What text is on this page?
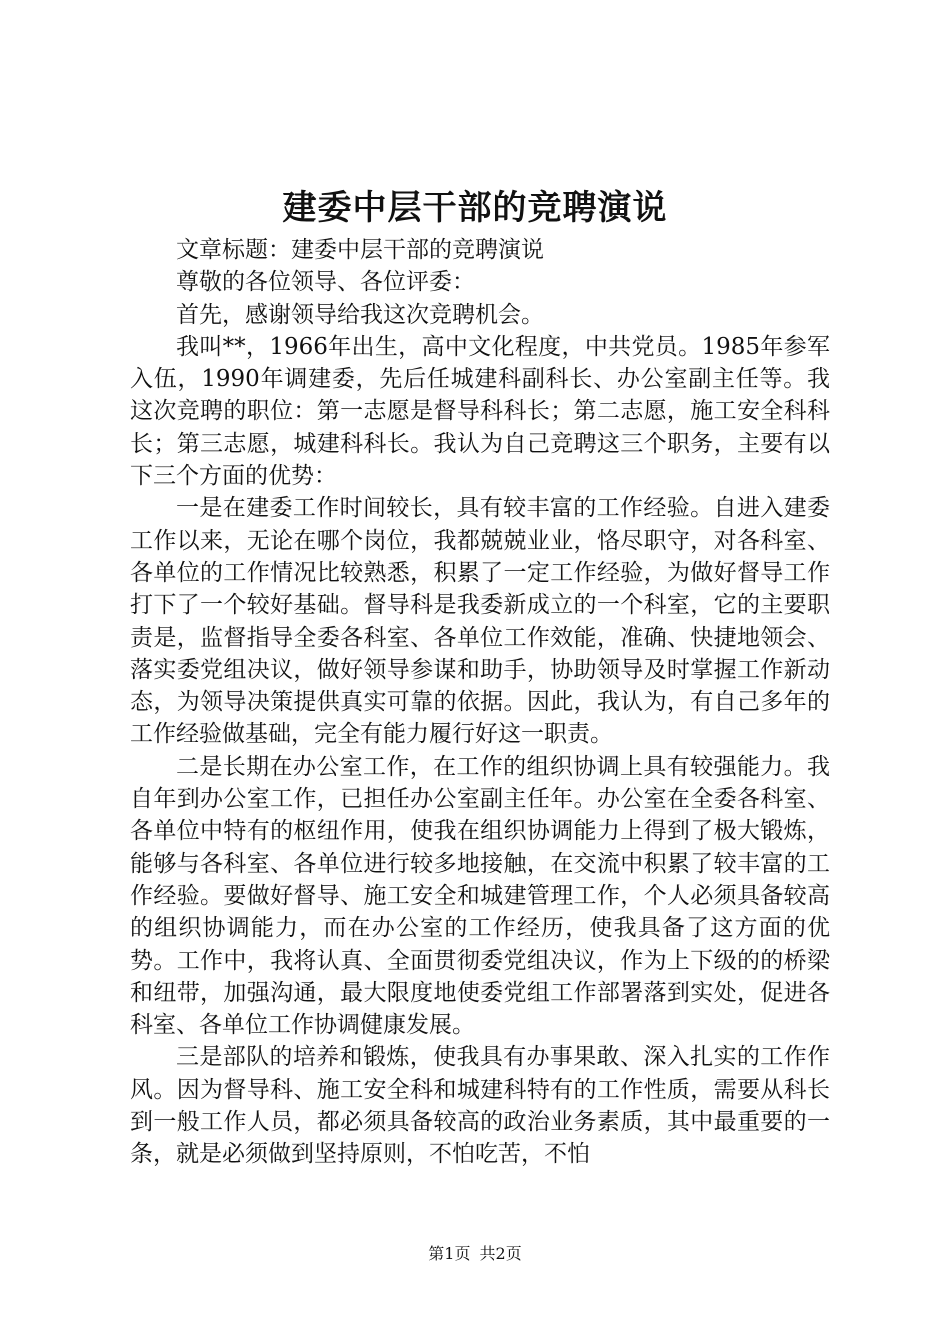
建委中层干部的竞聘演说

文章标题：建委中层干部的竞聘演说

尊敬的各位领导、各位评委：

首先，感谢领导给我这次竞聘机会。

我叫**，1966年出生，高中文化程度，中共党员。1985年参军入伍，1990年调建委，先后任城建科副科长、办公室副主任等。我这次竞聘的职位：第一志愿是督导科科长；第二志愿，施工安全科科长；第三志愿，城建科科长。我认为自己竞聘这三个职务，主要有以下三个方面的优势：

一是在建委工作时间较长，具有较丰富的工作经验。自进入建委工作以来，无论在哪个岗位，我都兢兢业业，恪尽职守，对各科室、各单位的工作情况比较熟悉，积累了一定工作经验，为做好督导工作打下了一个较好基础。督导科是我委新成立的一个科室，它的主要职责是，监督指导全委各科室、各单位工作效能，准确、快捷地领会、落实委党组决议，做好领导参谋和助手，协助领导及时掌握工作新动态，为领导决策提供真实可靠的依据。因此，我认为，有自己多年的工作经验做基础，完全有能力履行好这一职责。

二是长期在办公室工作，在工作的组织协调上具有较强能力。我自年到办公室工作，已担任办公室副主任年。办公室在全委各科室、各单位中特有的枢纽作用，使我在组织协调能力上得到了极大锻炼，能够与各科室、各单位进行较多地接触，在交流中积累了较丰富的工作经验。要做好督导、施工安全和城建管理工作，个人必须具备较高的组织协调能力，而在办公室的工作经历，使我具备了这方面的优势。工作中，我将认真、全面贯彻委党组决议，作为上下级的的桥梁和纽带，加强沟通，最大限度地使委党组工作部署落到实处，促进各科室、各单位工作协调健康发展。

三是部队的培养和锻炼，使我具有办事果敢、深入扎实的工作作风。因为督导科、施工安全科和城建科特有的工作性质，需要从科长到一般工作人员，都必须具备较高的政治业务素质，其中最重要的一条，就是必须做到坚持原则，不怕吃苦，不怕

第1页 共2页
